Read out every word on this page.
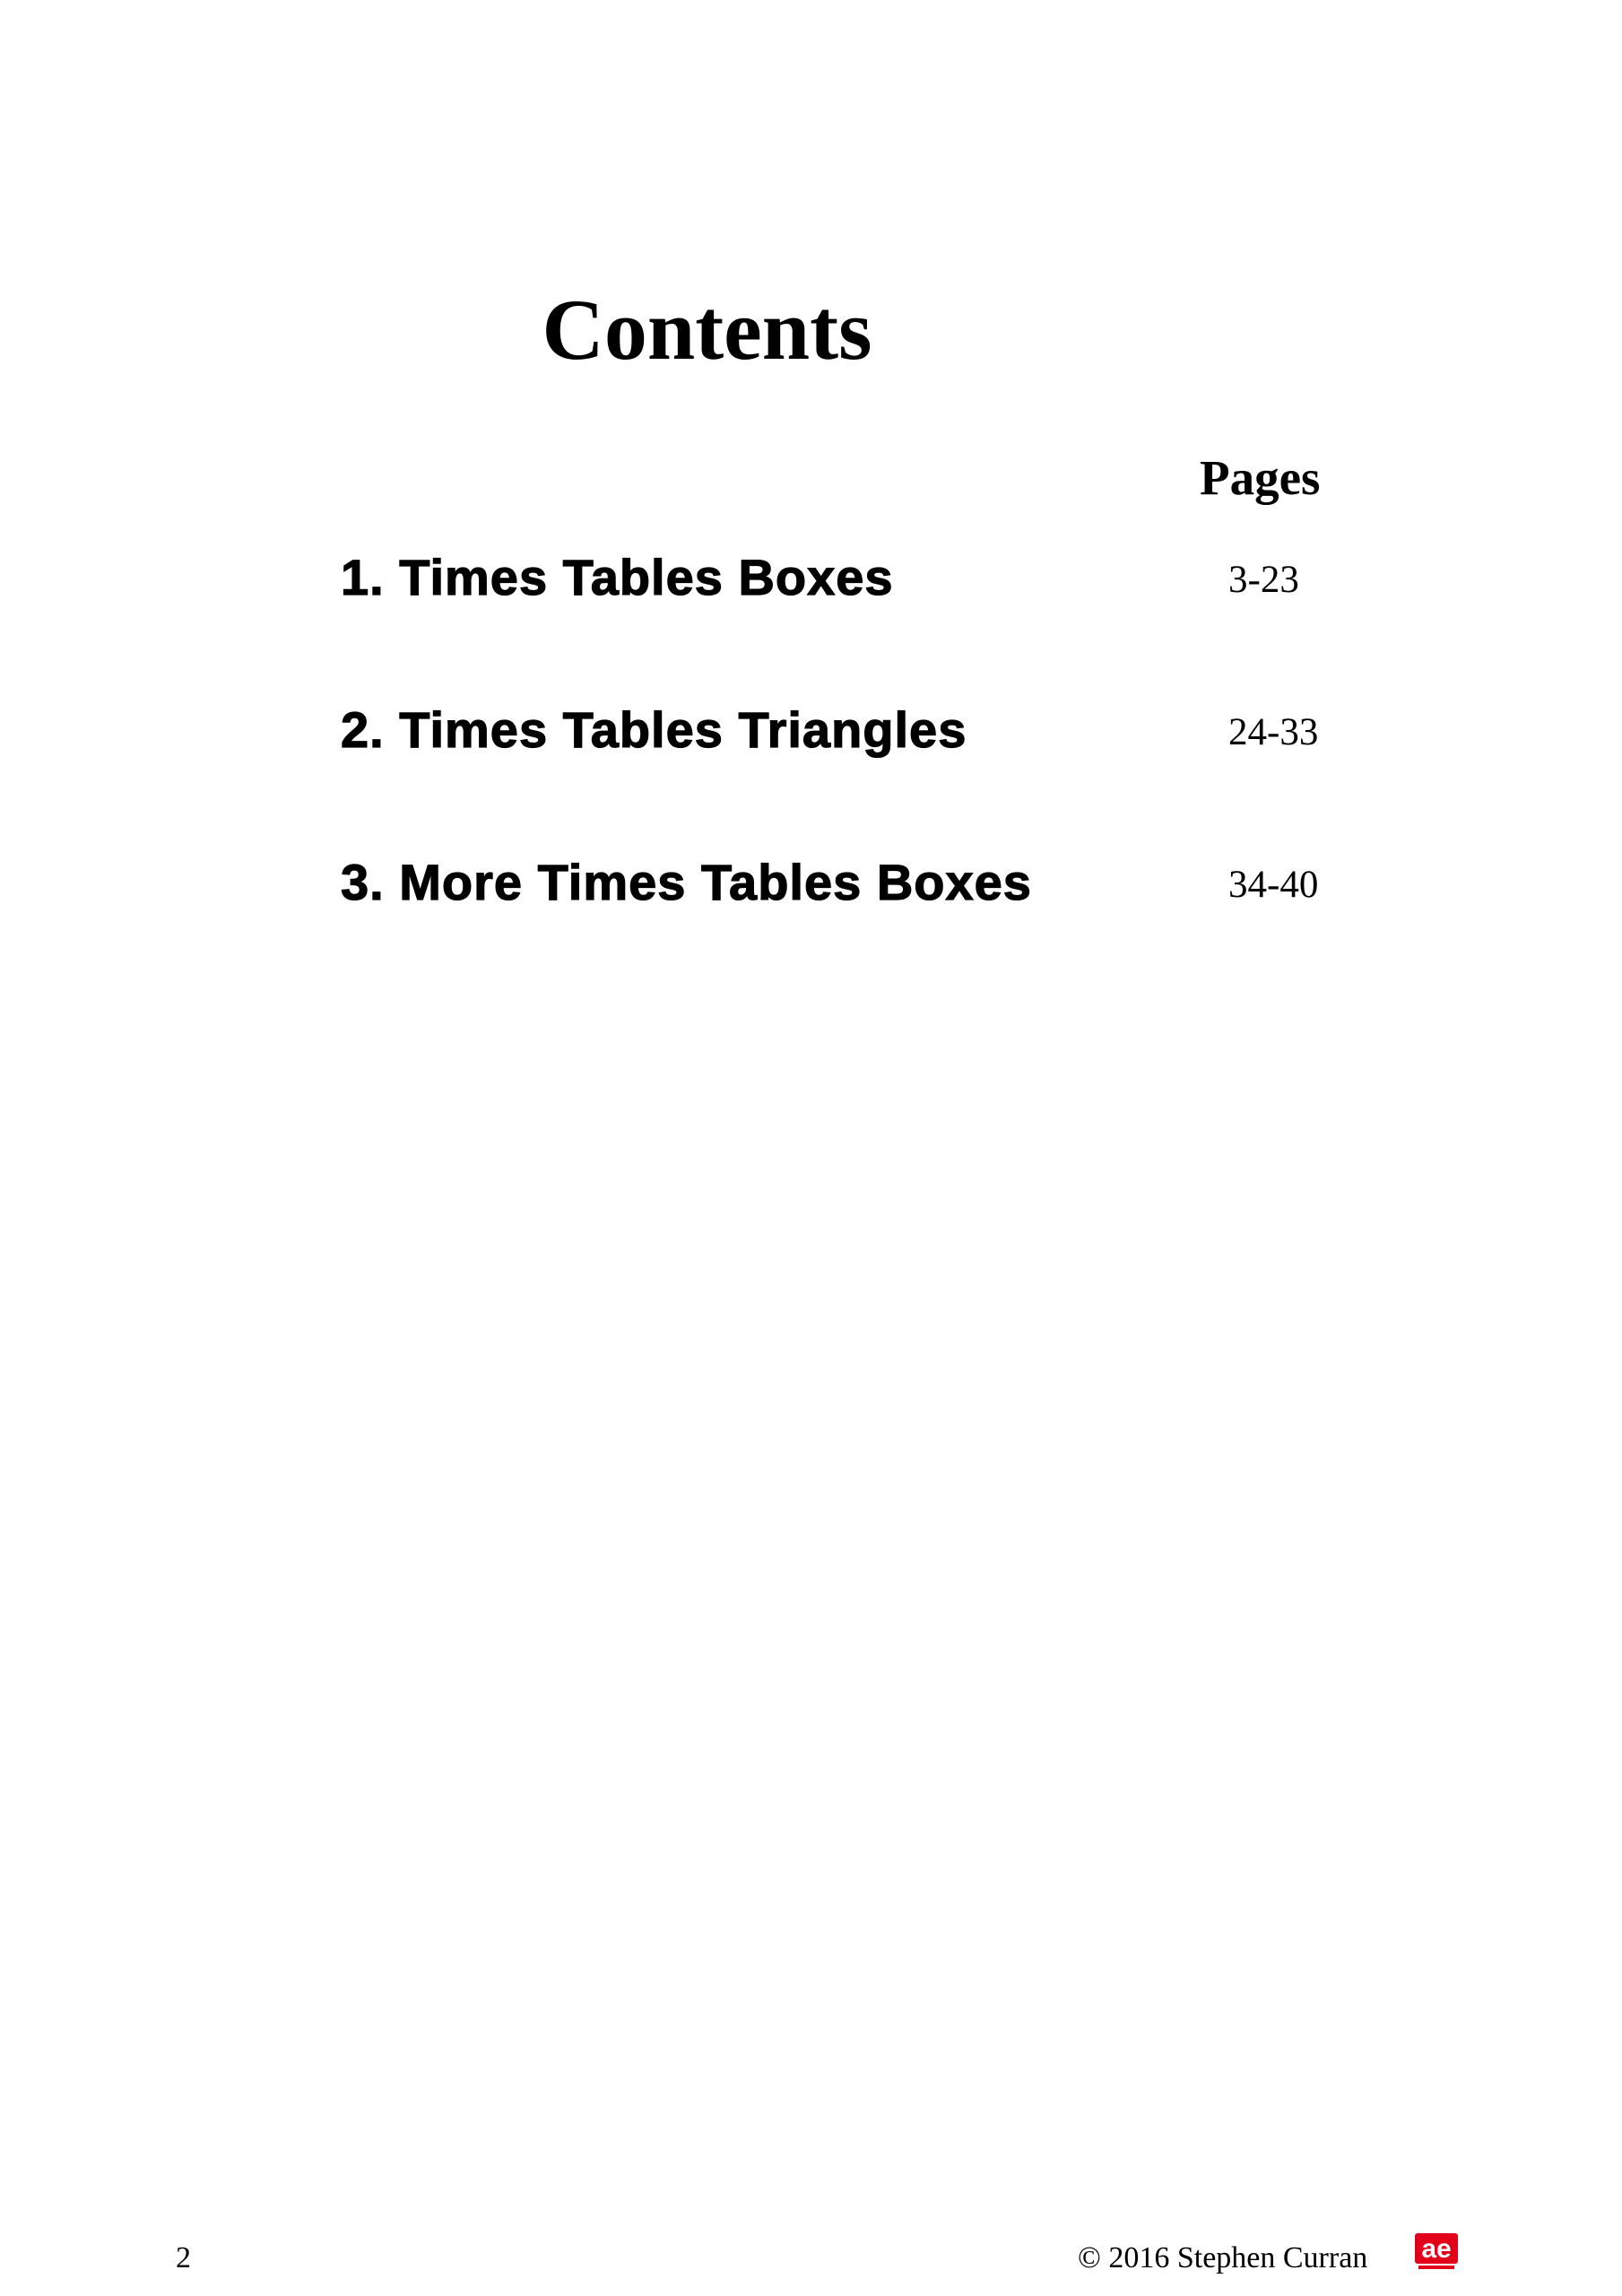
Contents
Pages
1. Times Tables Boxes	3-23
2. Times Tables Triangles	24-33
3. More Times Tables Boxes	34-40
2	© 2016 Stephen Curran ae
